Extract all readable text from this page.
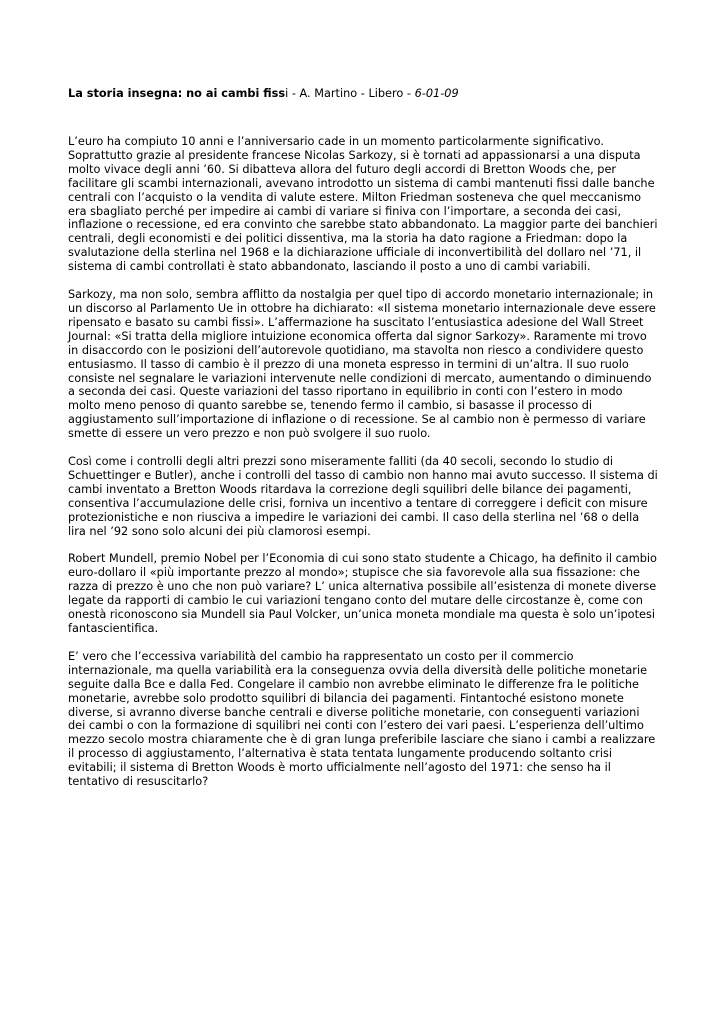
La storia insegna: no ai cambi fissi - A. Martino - Libero - 6-01-09

L’euro ha compiuto 10 anni e l’anniversario cade in un momento particolarmente significativo. Soprattutto grazie al presidente francese Nicolas Sarkozy, si è tornati ad appassionarsi a una disputa molto vivace degli anni ’60. Si dibatteva allora del futuro degli accordi di Bretton Woods che, per facilitare gli scambi internazionali, avevano introdotto un sistema di cambi mantenuti fissi dalle banche centrali con l’acquisto o la vendita di valute estere. Milton Friedman sosteneva che quel meccanismo era sbagliato perché per impedire ai cambi di variare si finiva con l’importare, a seconda dei casi, inflazione o recessione, ed era convinto che sarebbe stato abbandonato. La maggior parte dei banchieri centrali, degli economisti e dei politici dissentiva, ma la storia ha dato ragione a Friedman: dopo la svalutazione della sterlina nel 1968 e la dichiarazione ufficiale di inconvertibilità del dollaro nel ’71, il sistema di cambi controllati è stato abbandonato, lasciando il posto a uno di cambi variabili.

Sarkozy, ma non solo, sembra afflitto da nostalgia per quel tipo di accordo monetario internazionale; in un discorso al Parlamento Ue in ottobre ha dichiarato: «Il sistema monetario internazionale deve essere ripensato e basato su cambi fissi». L’affermazione ha suscitato l’entusiastica adesione del Wall Street Journal: «Si tratta della migliore intuizione economica offerta dal signor Sarkozy». Raramente mi trovo in disaccordo con le posizioni dell’autorevole quotidiano, ma stavolta non riesco a condividere questo entusiasmo. Il tasso di cambio è il prezzo di una moneta espresso in termini di un’altra. Il suo ruolo consiste nel segnalare le variazioni intervenute nelle condizioni di mercato, aumentando o diminuendo a seconda dei casi. Queste variazioni del tasso riportano in equilibrio in conti con l’estero in modo molto meno penoso di quanto sarebbe se, tenendo fermo il cambio, si basasse il processo di aggiustamento sull’importazione di inflazione o di recessione. Se al cambio non è permesso di variare smette di essere un vero prezzo e non può svolgere il suo ruolo.

Così come i controlli degli altri prezzi sono miseramente falliti (da 40 secoli, secondo lo studio di Schuettinger e Butler), anche i controlli del tasso di cambio non hanno mai avuto successo. Il sistema di cambi inventato a Bretton Woods ritardava la correzione degli squilibri delle bilance dei pagamenti, consentiva l’accumulazione delle crisi, forniva un incentivo a tentare di correggere i deficit con misure protezionistiche e non riusciva a impedire le variazioni dei cambi. Il caso della sterlina nel ’68 o della lira nel ’92 sono solo alcuni dei più clamorosi esempi.

Robert Mundell, premio Nobel per l’Economia di cui sono stato studente a Chicago, ha definito il cambio euro-dollaro il «più importante prezzo al mondo»; stupisce che sia favorevole alla sua fissazione: che razza di prezzo è uno che non può variare? L’ unica alternativa possibile all’esistenza di monete diverse legate da rapporti di cambio le cui variazioni tengano conto del mutare delle circostanze è, come con onestà riconoscono sia Mundell sia Paul Volcker, un’unica moneta mondiale ma questa è solo un’ipotesi fantascientifica.

E’ vero che l’eccessiva variabilità del cambio ha rappresentato un costo per il commercio internazionale, ma quella variabilità era la conseguenza ovvia della diversità delle politiche monetarie seguite dalla Bce e dalla Fed. Congelare il cambio non avrebbe eliminato le differenze fra le politiche monetarie, avrebbe solo prodotto squilibri di bilancia dei pagamenti. Fintantoché esistono monete diverse, si avranno diverse banche centrali e diverse politiche monetarie, con conseguenti variazioni dei cambi o con la formazione di squilibri nei conti con l’estero dei vari paesi. L’esperienza dell’ultimo mezzo secolo mostra chiaramente che è di gran lunga preferibile lasciare che siano i cambi a realizzare il processo di aggiustamento, l’alternativa è stata tentata lungamente producendo soltanto crisi evitabili; il sistema di Bretton Woods è morto ufficialmente nell’agosto del 1971: che senso ha il tentativo di resuscitarlo?
